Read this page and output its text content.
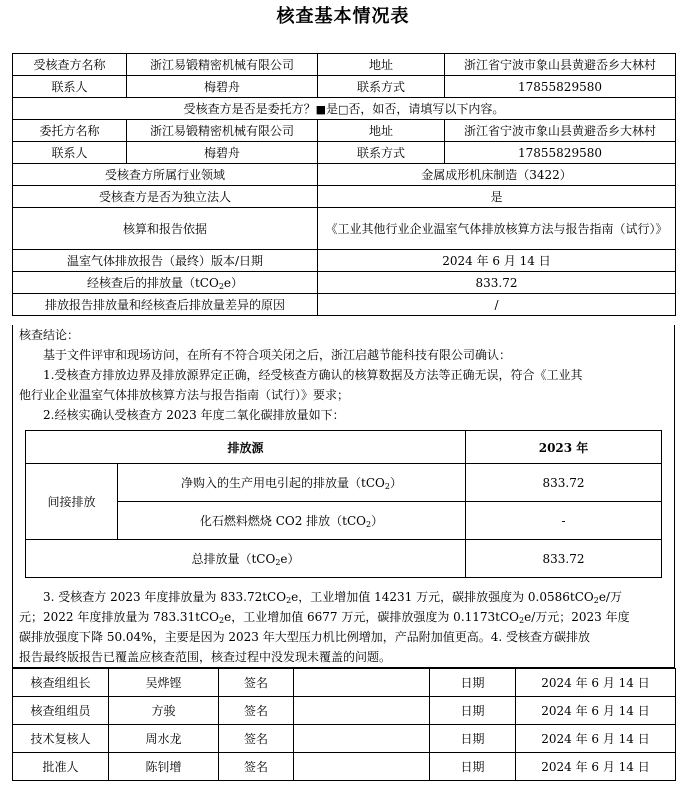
核查基本情况表
受核查方名称	浙江易锻精密机械有限公司	地址	浙江省宁波市象山县黄避岙乡大林村
联系人	梅碧舟	联系方式	17855829580
受核查方是否是委托方？■是□否，如否，请填写以下内容。			
委托方名称	浙江易锻精密机械有限公司	地址	浙江省宁波市象山县黄避岙乡大林村
联系人	梅碧舟	联系方式	17855829580
受核查方所属行业领域		金属成形机床制造（3422）	
受核查方是否为独立法人		是	
核算和报告依据		《工业其他行业企业温室气体排放核算方法与报告指南（试行）》	
温室气体排放报告（最终）版本/日期		2024 年 6 月 14 日	
经核查后的排放量（tCO$_2$e）		833.72	
排放报告排放量和经核查后排放量差异的原因		/	
核查结论：
基于文件评审和现场访问，在所有不符合项关闭之后，浙江启越节能科技有限公司确认：
1.受核查方排放边界及排放源界定正确，经受核查方确认的核算数据及方法等正确无误，符合《工业其
他行业企业温室气体排放核算方法与报告指南（试行）》要求；
2.经核实确认受核查方 2023 年度二氧化碳排放量如下：
排放源		2023 年
间接排放	净购入的生产用电引起的排放量（tCO$_2$）	833.72
	化石燃料燃烧 CO2 排放（tCO$_2$）	-
总排放量（tCO$_2$e）		833.72
3. 受核查方 2023 年度排放量为 833.72tCO$_2$e，工业增加值 14231 万元，碳排放强度为 0.0586tCO$_2$e/万
元；2022 年度排放量为 783.31tCO$_2$e，工业增加值 6677 万元，碳排放强度为 0.1173tCO$_2$e/万元；2023 年度
碳排放强度下降 50.04%，主要是因为 2023 年大型压力机比例增加，产品附加值更高。4. 受核查方碳排放
报告最终版报告已覆盖应核查范围，核查过程中没发现未覆盖的问题。
核查组组长	吴烨铿	签名		日期	2024 年 6 月 14 日
核查组组员	方骏	签名		日期	2024 年 6 月 14 日
技术复核人	周水龙	签名		日期	2024 年 6 月 14 日
批准人	陈钊增	签名		日期	2024 年 6 月 14 日
